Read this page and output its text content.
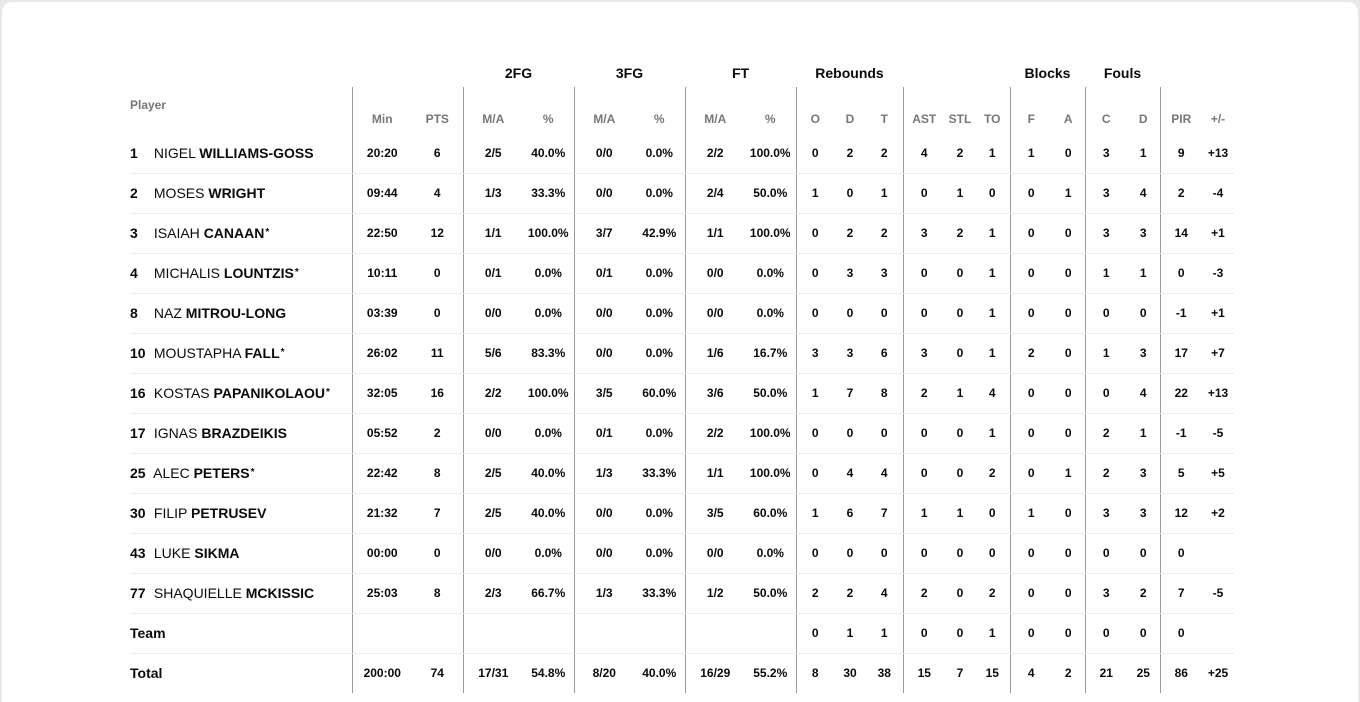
			2FG		3FG		FT		Rebounds						Blocks		Fouls			
Player	Min	PTS	M/A	%	M/A	%	M/A	%	O	D	T	AST	STL	TO	F	A	C	D	PIR	+/-
1 NIGEL WILLIAMS-GOSS	20:20	6	2/5	40.0%	0/0	0.0%	2/2	100.0%	0	2	2	4	2	1	1	0	3	1	9	+13
2 MOSES WRIGHT	09:44	4	1/3	33.3%	0/0	0.0%	2/4	50.0%	1	0	1	0	1	0	0	1	3	4	2	-4
3 ISAIAH CANAAN*	22:50	12	1/1	100.0%	3/7	42.9%	1/1	100.0%	0	2	2	3	2	1	0	0	3	3	14	+1
4 MICHALIS LOUNTZIS*	10:11	0	0/1	0.0%	0/1	0.0%	0/0	0.0%	0	3	3	0	0	1	0	0	1	1	0	-3
8 NAZ MITROU-LONG	03:39	0	0/0	0.0%	0/0	0.0%	0/0	0.0%	0	0	0	0	0	1	0	0	0	0	-1	+1
10 MOUSTAPHA FALL*	26:02	11	5/6	83.3%	0/0	0.0%	1/6	16.7%	3	3	6	3	0	1	2	0	1	3	17	+7
16 KOSTAS PAPANIKOLAOU*	32:05	16	2/2	100.0%	3/5	60.0%	3/6	50.0%	1	7	8	2	1	4	0	0	0	4	22	+13
17 IGNAS BRAZDEIKIS	05:52	2	0/0	0.0%	0/1	0.0%	2/2	100.0%	0	0	0	0	0	1	0	0	2	1	-1	-5
25 ALEC PETERS*	22:42	8	2/5	40.0%	1/3	33.3%	1/1	100.0%	0	4	4	0	0	2	0	1	2	3	5	+5
30 FILIP PETRUSEV	21:32	7	2/5	40.0%	0/0	0.0%	3/5	60.0%	1	6	7	1	1	0	1	0	3	3	12	+2
43 LUKE SIKMA	00:00	0	0/0	0.0%	0/0	0.0%	0/0	0.0%	0	0	0	0	0	0	0	0	0	0	0	
77 SHAQUIELLE MCKISSIC	25:03	8	2/3	66.7%	1/3	33.3%	1/2	50.0%	2	2	4	2	0	2	0	0	3	2	7	-5
Team									0	1	1	0	0	1	0	0	0	0	0	
Total	200:00	74	17/31	54.8%	8/20	40.0%	16/29	55.2%	8	30	38	15	7	15	4	2	21	25	86	+25
